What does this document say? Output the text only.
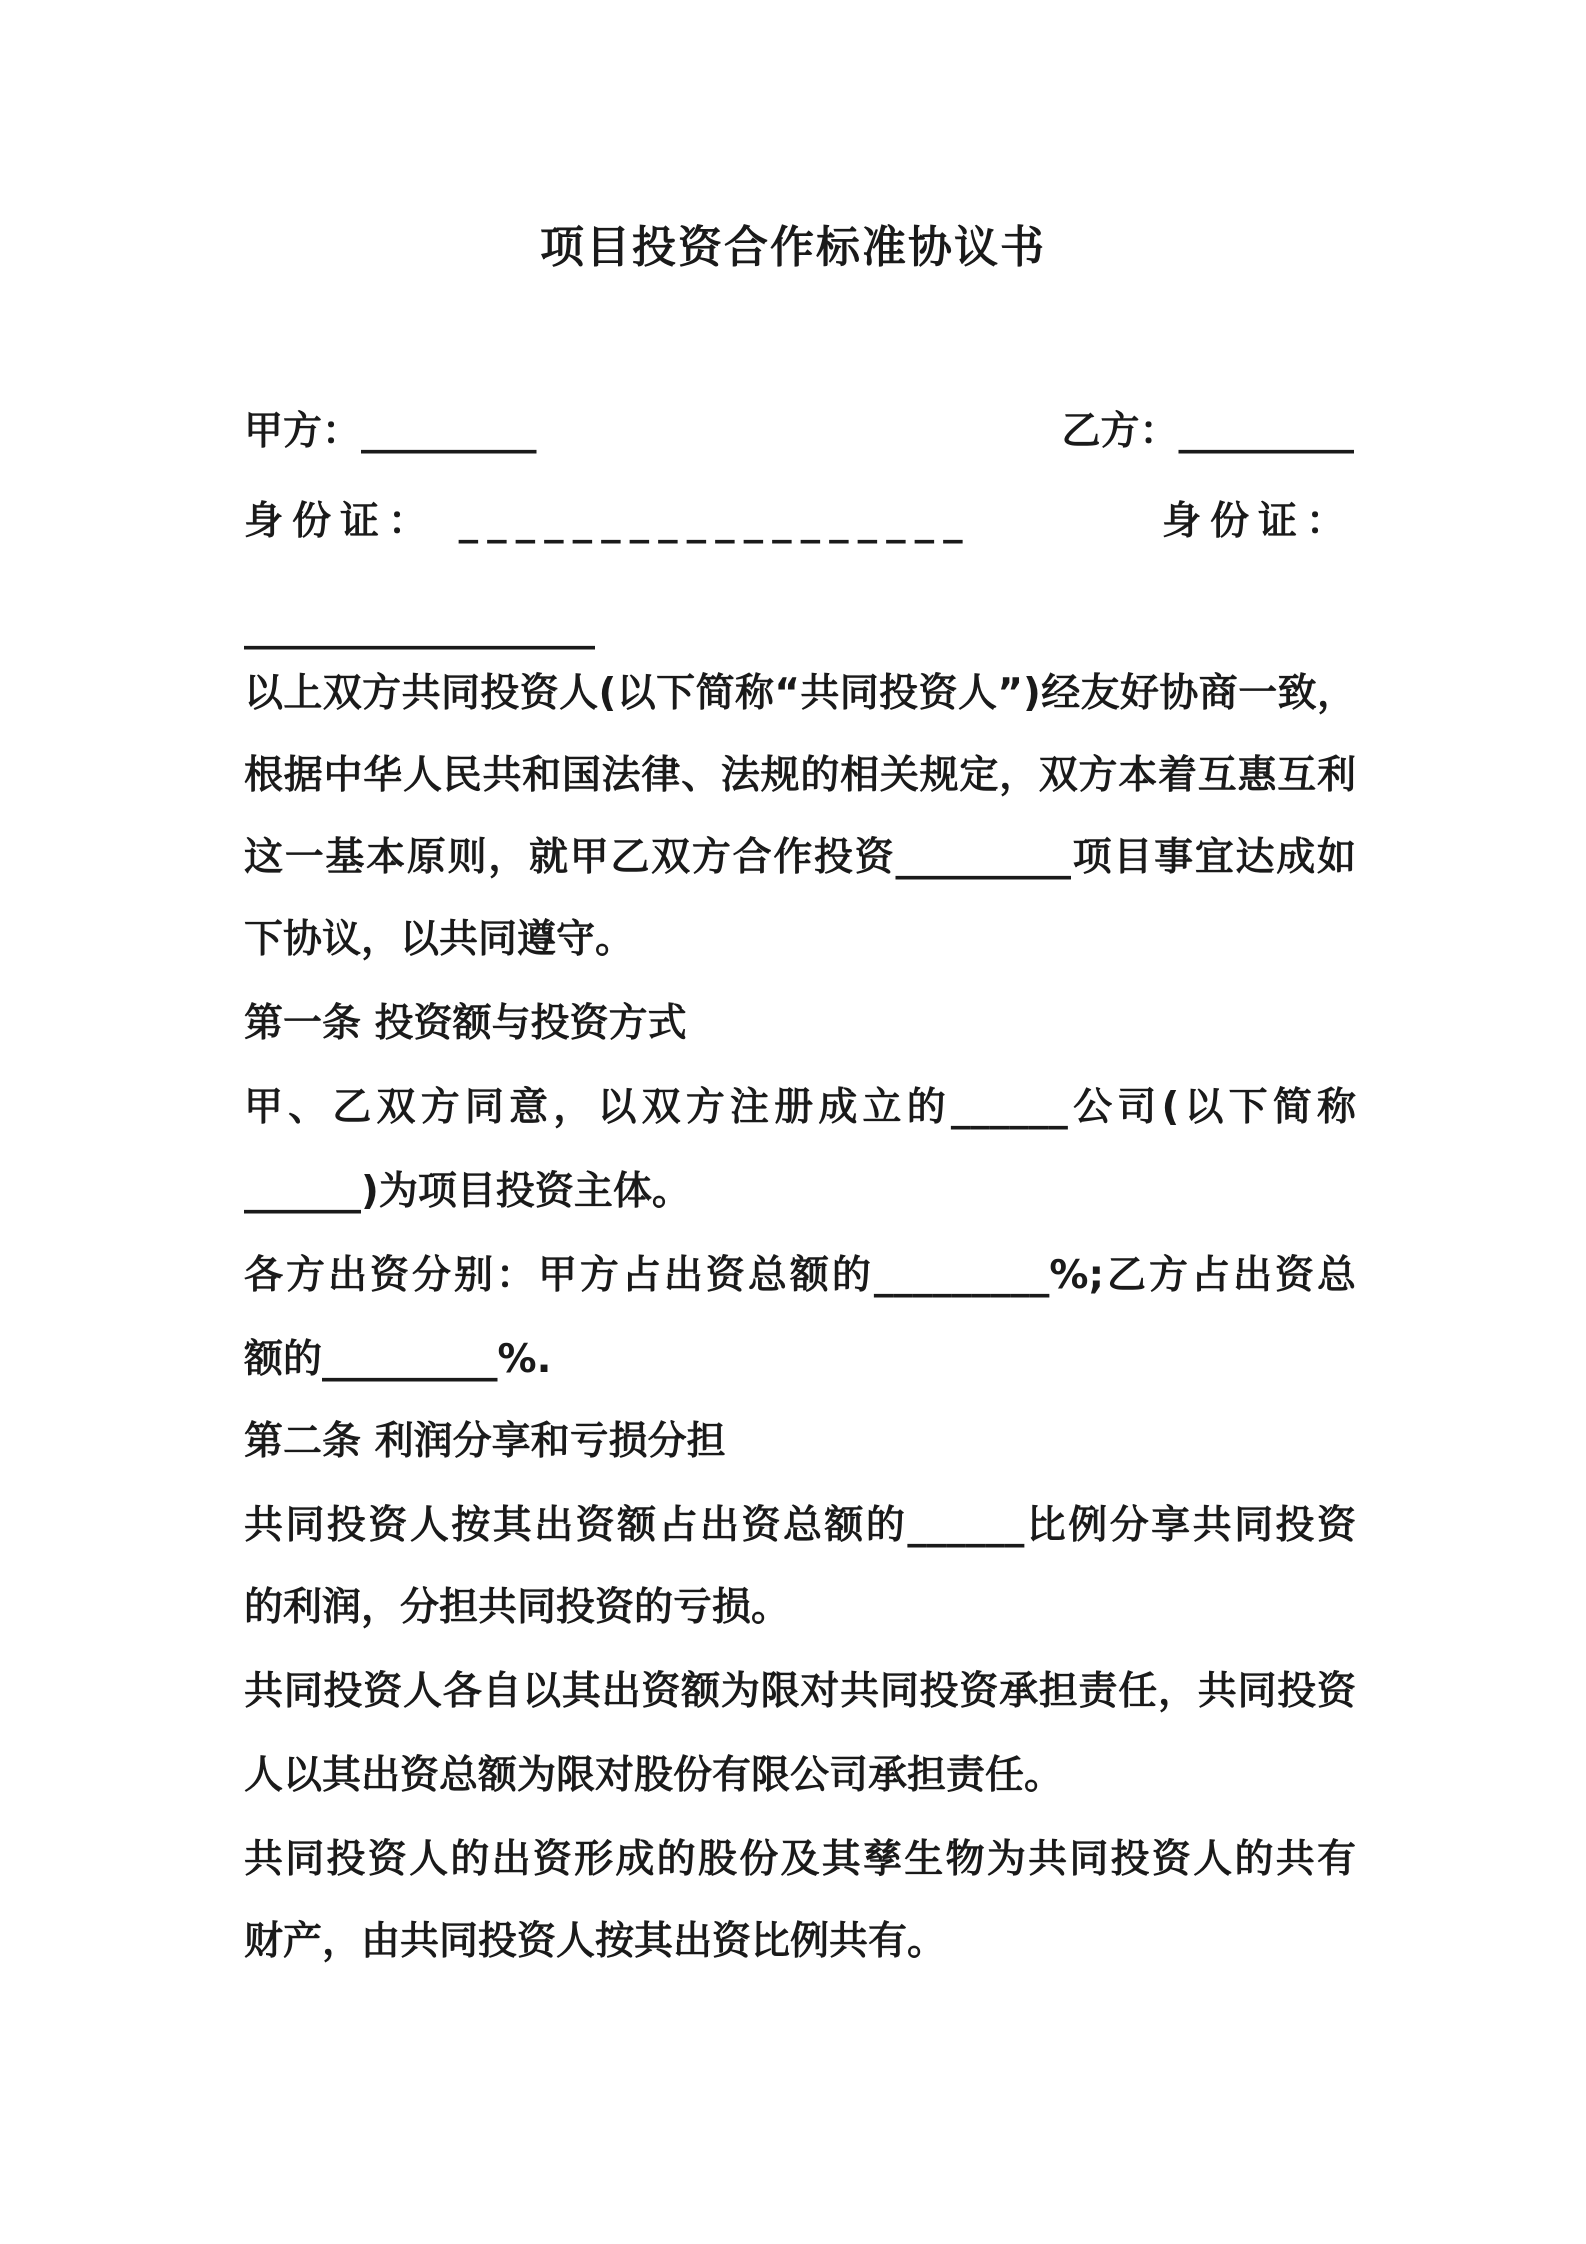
项目投资合作标准协议书
甲方：_________	乙方：_________
身份证： __________________	身份证：
__________________
以上双方共同投资人(以下简称“共同投资人”)经友好协商一致，
根据中华人民共和国法律、法规的相关规定，双方本着互惠互利
这一基本原则，就甲乙双方合作投资_________项目事宜达成如
下协议，以共同遵守。
第一条 投资额与投资方式
甲、乙双方同意，以双方注册成立的______公司(以下简称
______)为项目投资主体。
各方出资分别：甲方占出资总额的_________%;乙方占出资总
额的_________%.
第二条 利润分享和亏损分担
共同投资人按其出资额占出资总额的______比例分享共同投资
的利润，分担共同投资的亏损。
共同投资人各自以其出资额为限对共同投资承担责任，共同投资
人以其出资总额为限对股份有限公司承担责任。
共同投资人的出资形成的股份及其孳生物为共同投资人的共有
财产，由共同投资人按其出资比例共有。
